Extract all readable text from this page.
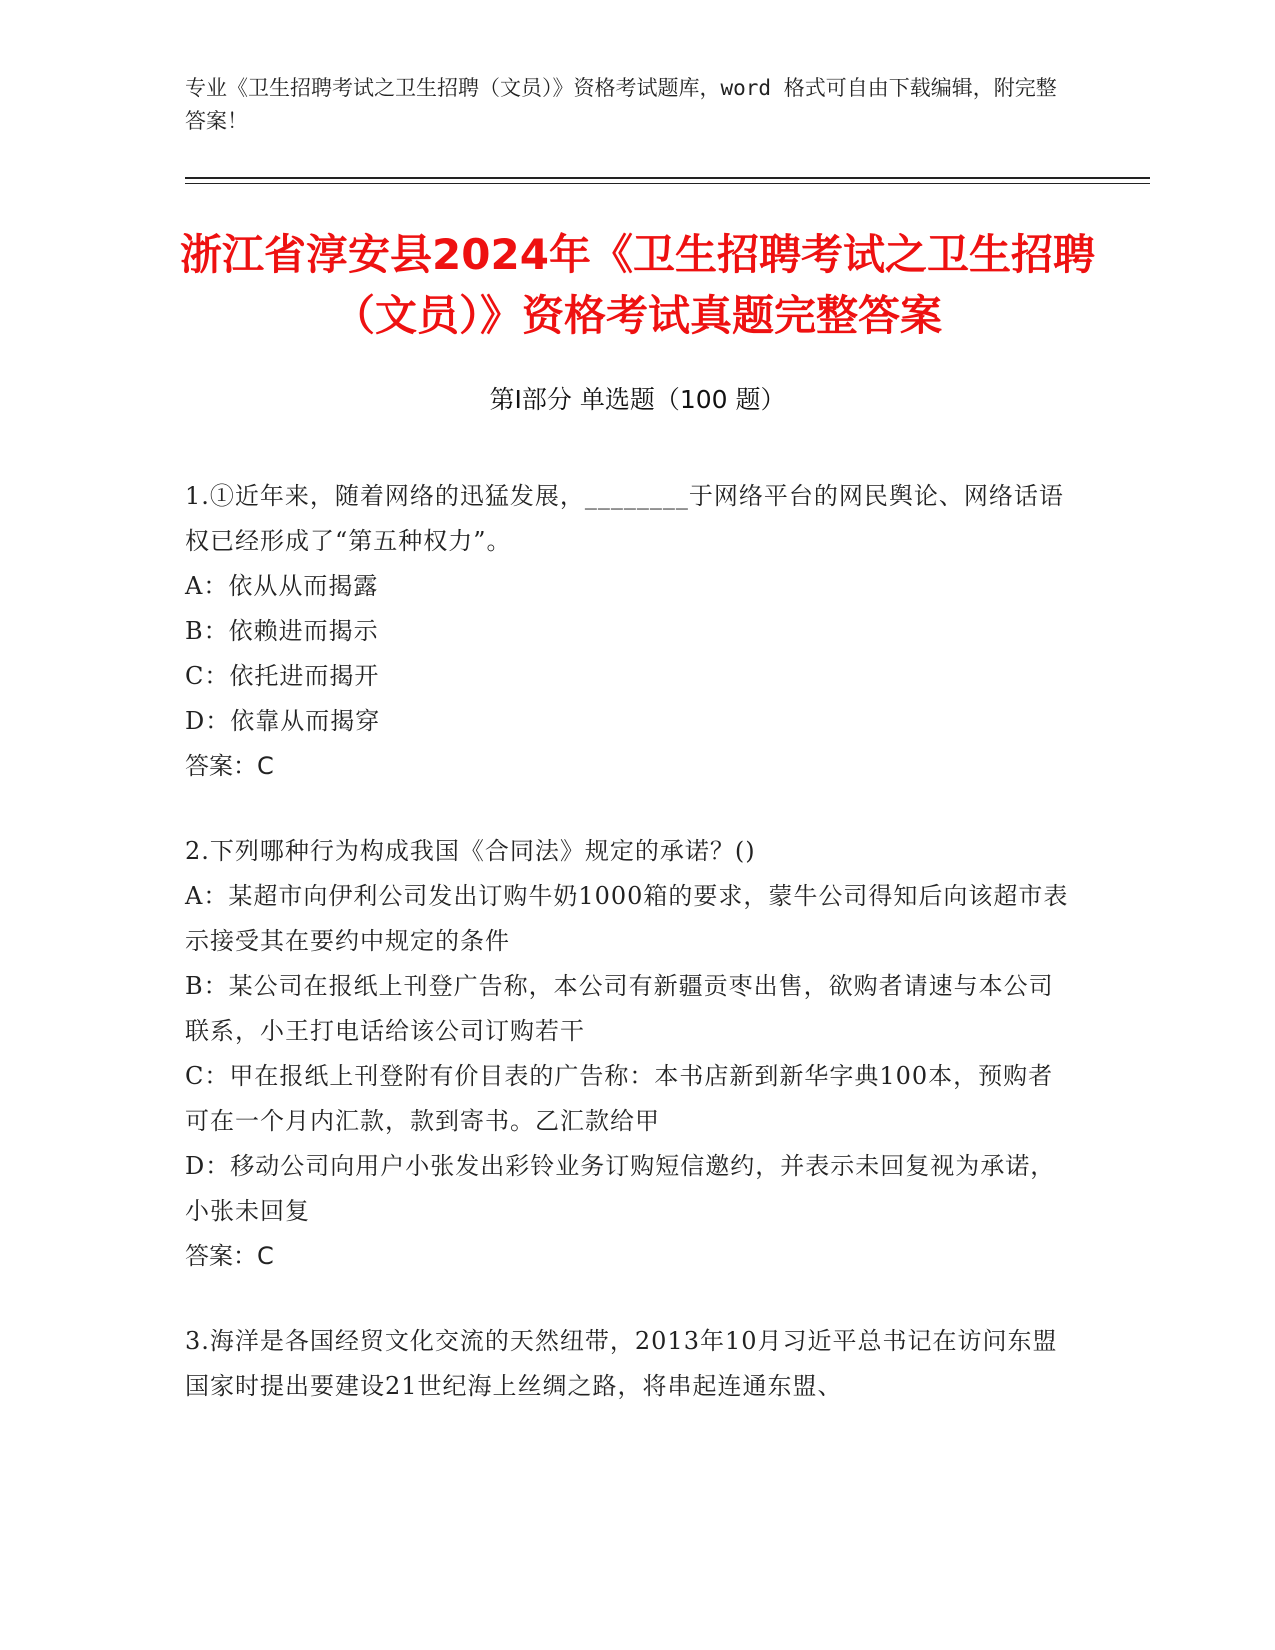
专业《卫生招聘考试之卫生招聘（文员）》资格考试题库，word 格式可自由下载编辑，附完整答案！
浙江省淳安县2024年《卫生招聘考试之卫生招聘（文员）》资格考试真题完整答案
第Ⅰ部分 单选题（100 题）
1.①近年来，随着网络的迅猛发展，________于网络平台的网民舆论、网络话语权已经形成了“第五种权力”。
A：依从从而揭露
B：依赖进而揭示
C：依托进而揭开
D：依靠从而揭穿
答案：C
2.下列哪种行为构成我国《合同法》规定的承诺？()
A：某超市向伊利公司发出订购牛奶1000箱的要求，蒙牛公司得知后向该超市表示接受其在要约中规定的条件
B：某公司在报纸上刊登广告称，本公司有新疆贡枣出售，欲购者请速与本公司联系，小王打电话给该公司订购若干
C：甲在报纸上刊登附有价目表的广告称：本书店新到新华字典100本，预购者可在一个月内汇款，款到寄书。乙汇款给甲
D：移动公司向用户小张发出彩铃业务订购短信邀约，并表示未回复视为承诺，小张未回复
答案：C
3.海洋是各国经贸文化交流的天然纽带，2013年10月习近平总书记在访问东盟国家时提出要建设21世纪海上丝绸之路，将串起连通东盟、
